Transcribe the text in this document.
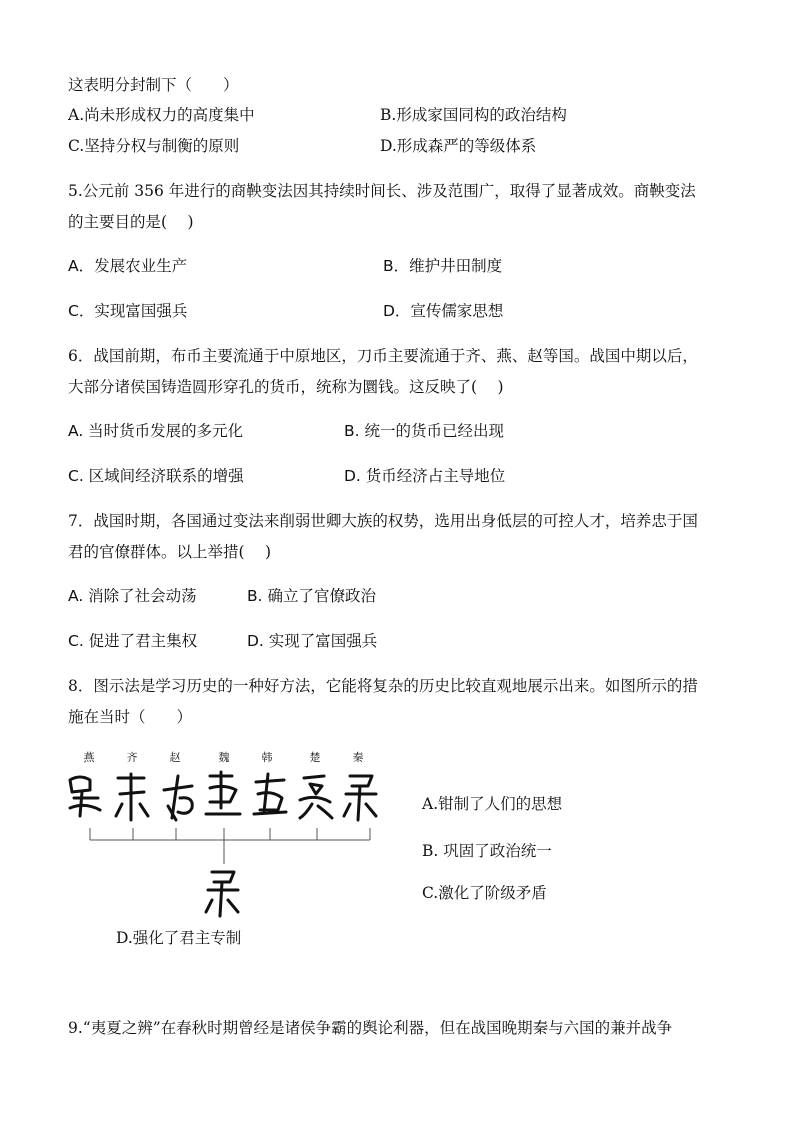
这表明分封制下（　　）
A.尚未形成权力的高度集中	B.形成家国同构的政治结构
C.坚持分权与制衡的原则	D.形成森严的等级体系
5.公元前 356 年进行的商鞅变法因其持续时间长、涉及范围广，取得了显著成效。商鞅变法
的主要目的是(　 )
A．发展农业生产	B．维护井田制度
C．实现富国强兵	D．宣传儒家思想
6．战国前期，布币主要流通于中原地区，刀币主要流通于齐、燕、赵等国。战国中期以后，
大部分诸侯国铸造圆形穿孔的货币，统称为圜钱。这反映了(　 )
A. 当时货币发展的多元化	B. 统一的货币已经出现
C. 区域间经济联系的增强	D. 货币经济占主导地位
7．战国时期，各国通过变法来削弱世卿大族的权势，选用出身低层的可控人才，培养忠于国
君的官僚群体。以上举措(　 )
A. 消除了社会动荡	B. 确立了官僚政治
C. 促进了君主集权	D. 实现了富国强兵
8．图示法是学习历史的一种好方法，它能将复杂的历史比较直观地展示出来。如图所示的措
施在当时（　　）
燕	齐	赵	魏	韩	楚	秦
A.钳制了人们的思想
B. 巩固了政治统一
C.激化了阶级矛盾
D.强化了君主专制
9.“夷夏之辨”在春秋时期曾经是诸侯争霸的舆论利器，但在战国晚期秦与六国的兼并战争
